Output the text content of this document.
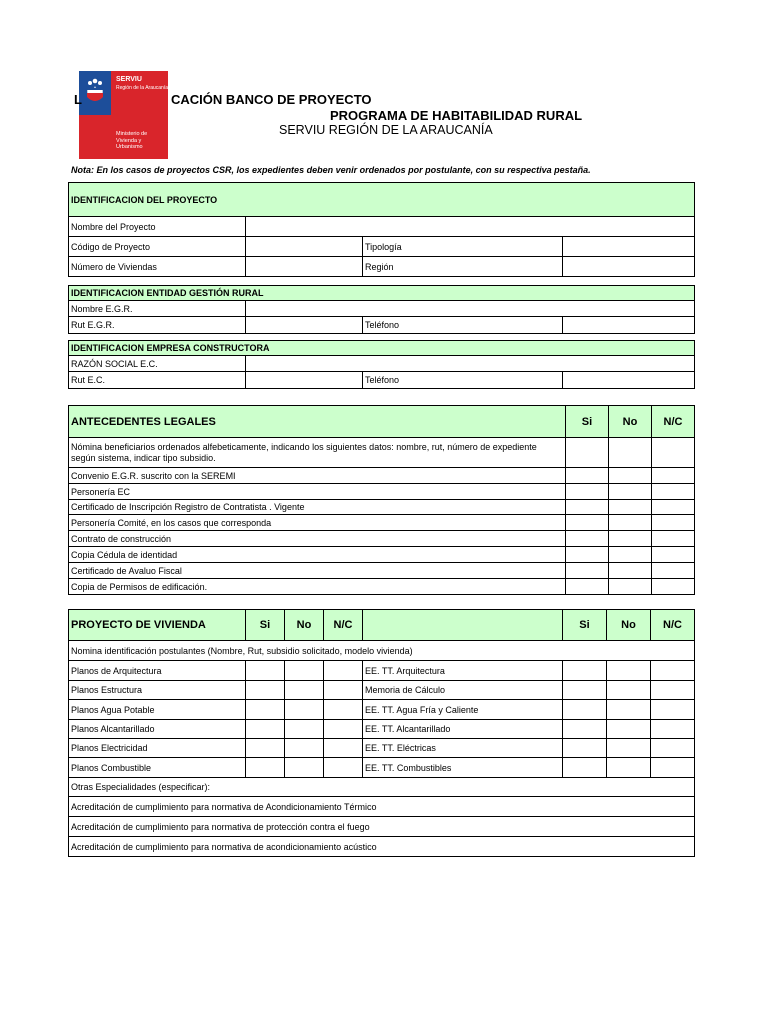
SERVIU
Región de la Araucanía
Ministerio de Vivienda y Urbanismo
L	CACIÓN BANCO DE PROYECTO
PROGRAMA DE HABITABILIDAD RURAL
SERVIU REGIÓN DE LA ARAUCANÍA
Nota: En los casos de proyectos CSR, los expedientes deben venir ordenados por postulante, con su respectiva pestaña.
IDENTIFICACION DEL PROYECTO			
Nombre del Proyecto			
Código de Proyecto		Tipología	
Número de Viviendas		Región	
IDENTIFICACION ENTIDAD GESTIÓN RURAL			
Nombre E.G.R.			
Rut E.G.R.		Teléfono	
IDENTIFICACION EMPRESA CONSTRUCTORA			
RAZÓN SOCIAL E.C.			
Rut E.C.		Teléfono	
ANTECEDENTES LEGALES	Si	No	N/C
Nómina beneficiarios ordenados alfebeticamente, indicando los siguientes datos: nombre, rut, número de expediente según sistema, indicar tipo subsidio.			
Convenio E.G.R. suscrito con la SEREMI			
Personería EC			
Certificado de Inscripción Registro de Contratista . Vigente			
Personería Comité, en los casos que corresponda			
Contrato de construcción			
Copia Cédula de identidad			
Certificado de Avaluo Fiscal			
Copia de Permisos de edificación.			
PROYECTO DE VIVIENDA	Si	No	N/C		Si	No	N/C
Nomina identificación postulantes (Nombre, Rut, subsidio solicitado, modelo vivienda)							
Planos de Arquitectura				EE. TT. Arquitectura			
Planos Estructura				Memoria de Cálculo			
Planos Agua Potable				EE. TT. Agua Fría y Caliente			
Planos Alcantarillado				EE. TT. Alcantarillado			
Planos Electricidad				EE. TT. Eléctricas			
Planos Combustible				EE. TT. Combustibles			
Otras Especialidades (especificar):							
Acreditación de cumplimiento para normativa de Acondicionamiento Térmico							
Acreditación de cumplimiento para normativa de protección contra el fuego							
Acreditación de cumplimiento para normativa de acondicionamiento acústico							
